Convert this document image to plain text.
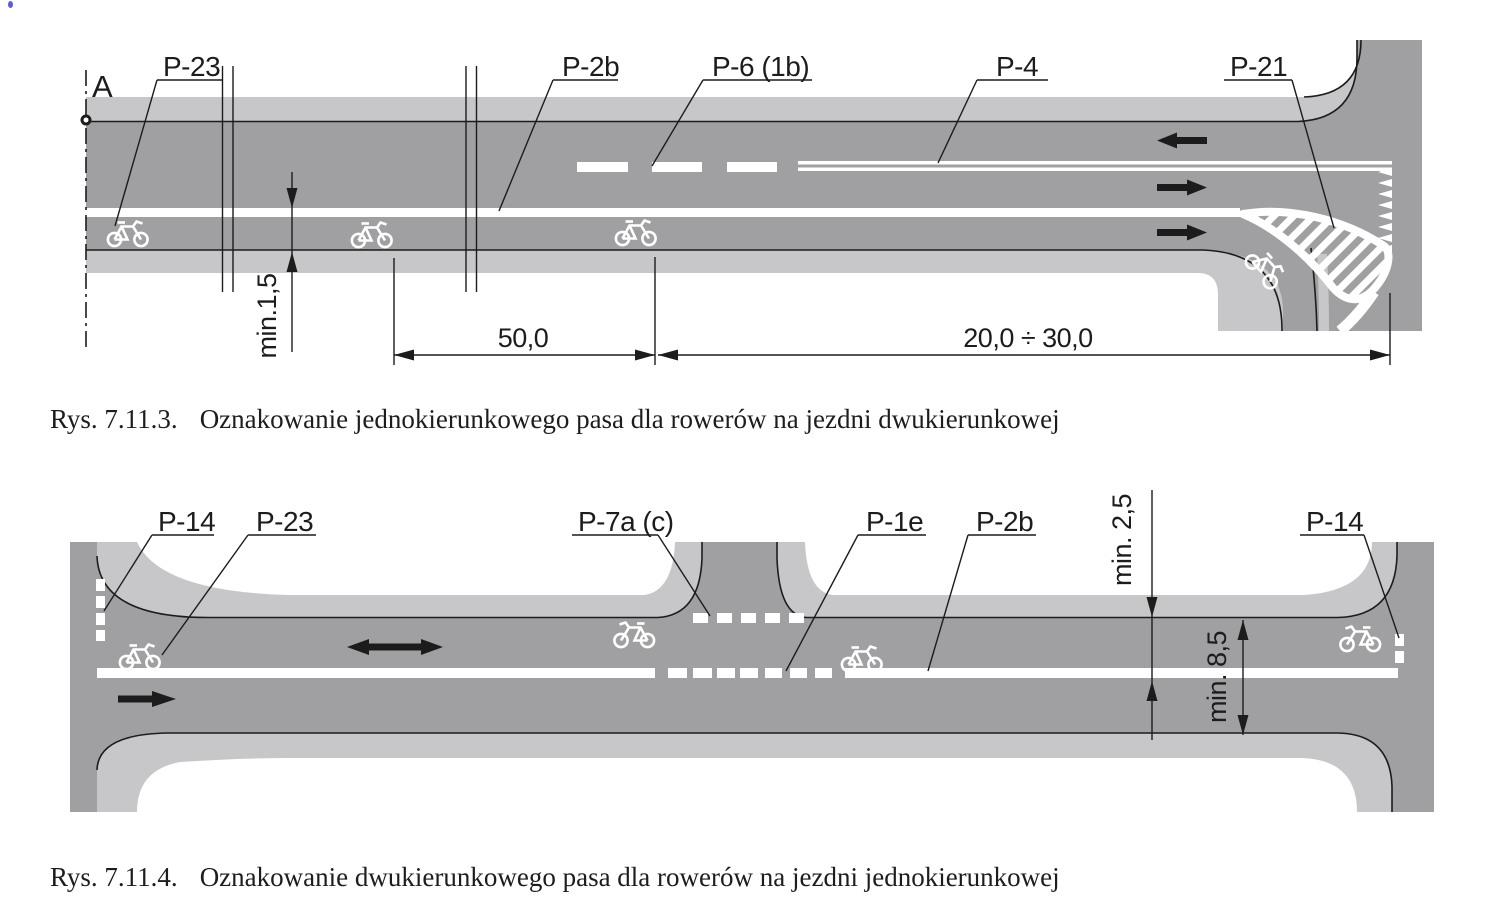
A
P-23	P-2b	P-6 (1b)	P-4	P-21
min.1,5	50,0	20,0 ÷ 30,0
P-14 P-23	P-7a (c)	P-1e P-2b	P-14
min. 2,5
min. 8,5
Rys. 7.11.3. Oznakowanie jednokierunkowego pasa dla rowerów na jezdni dwukierunkowej
Rys. 7.11.4. Oznakowanie dwukierunkowego pasa dla rowerów na jezdni jednokierunkowej
